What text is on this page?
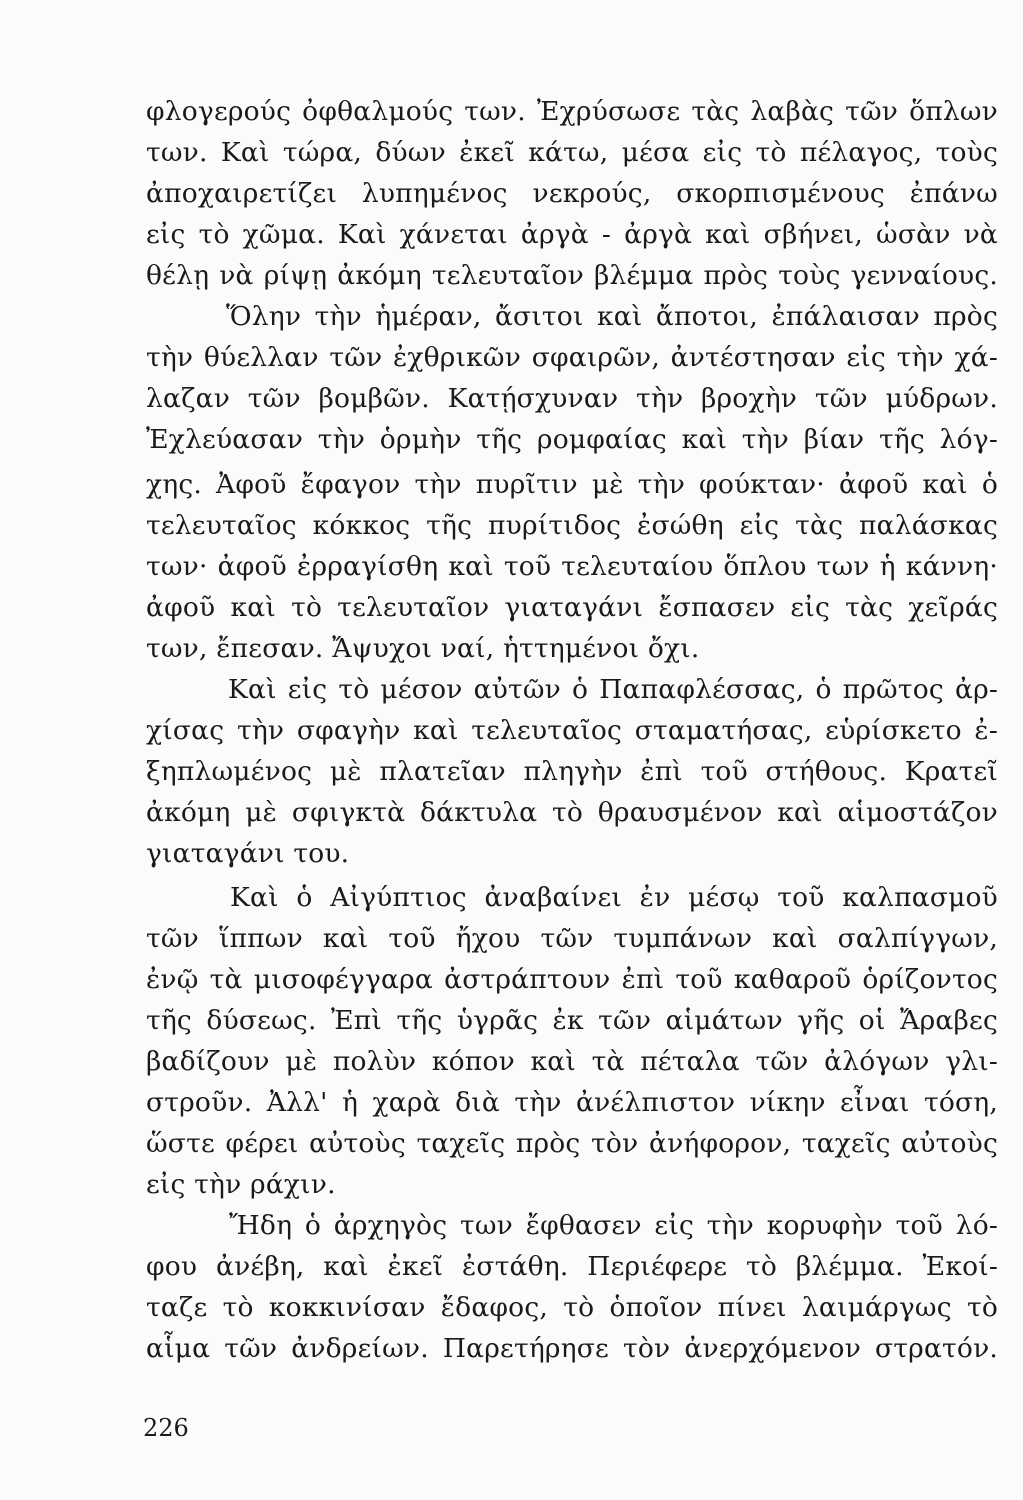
φλογερούς ὀφθαλμούς των. Ἐχρύσωσε τὰς λαβὰς τῶν ὅπλων
των. Καὶ τώρα, δύων ἐκεῖ κάτω, μέσα εἰς τὸ πέλαγος, τοὺς
ἀποχαιρετίζει λυπημένος νεκρούς, σκορπισμένους ἐπάνω
εἰς τὸ χῶμα. Καὶ χάνεται ἀργὰ - ἀργὰ καὶ σβήνει, ὡσὰν νὰ
θέλῃ νὰ ρίψῃ ἀκόμη τελευταῖον βλέμμα πρὸς τοὺς γενναίους.
Ὅλην τὴν ἡμέραν, ἄσιτοι καὶ ἄποτοι, ἐπάλαισαν πρὸς
τὴν θύελλαν τῶν ἐχθρικῶν σφαιρῶν, ἀντέστησαν εἰς τὴν χά-
λαζαν τῶν βομβῶν. Κατῄσχυναν τὴν βροχὴν τῶν μύδρων.
Ἐχλεύασαν τὴν ὁρμὴν τῆς ρομφαίας καὶ τὴν βίαν τῆς λόγ-
χης. Ἀφοῦ ἔφαγον τὴν πυρῖτιν μὲ τὴν φούκταν· ἀφοῦ καὶ ὁ
τελευταῖος κόκκος τῆς πυρίτιδος ἐσώθη εἰς τὰς παλάσκας
των· ἀφοῦ ἐρραγίσθη καὶ τοῦ τελευταίου ὅπλου των ἡ κάννη·
ἀφοῦ καὶ τὸ τελευταῖον γιαταγάνι ἔσπασεν εἰς τὰς χεῖράς
των, ἔπεσαν. Ἄψυχοι ναί, ἡττημένοι ὄχι.
Καὶ εἰς τὸ μέσον αὐτῶν ὁ Παπαφλέσσας, ὁ πρῶτος ἀρ-
χίσας τὴν σφαγὴν καὶ τελευταῖος σταματήσας, εὑρίσκετο ἐ-
ξηπλωμένος μὲ πλατεῖαν πληγὴν ἐπὶ τοῦ στήθους. Κρατεῖ
ἀκόμη μὲ σφιγκτὰ δάκτυλα τὸ θραυσμένον καὶ αἱμοστάζον
γιαταγάνι του.
Καὶ ὁ Αἰγύπτιος ἀναβαίνει ἐν μέσῳ τοῦ καλπασμοῦ
τῶν ἵππων καὶ τοῦ ἤχου τῶν τυμπάνων καὶ σαλπίγγων,
ἐνῷ τὰ μισοφέγγαρα ἀστράπτουν ἐπὶ τοῦ καθαροῦ ὁρίζοντος
τῆς δύσεως. Ἐπὶ τῆς ὑγρᾶς ἐκ τῶν αἱμάτων γῆς οἱ Ἄραβες
βαδίζουν μὲ πολὺν κόπον καὶ τὰ πέταλα τῶν ἀλόγων γλι-
στροῦν. Ἀλλ' ἡ χαρὰ διὰ τὴν ἀνέλπιστον νίκην εἶναι τόση,
ὥστε φέρει αὐτοὺς ταχεῖς πρὸς τὸν ἀνήφορον, ταχεῖς αὐτοὺς
εἰς τὴν ράχιν.
Ἤδη ὁ ἀρχηγὸς των ἔφθασεν εἰς τὴν κορυφὴν τοῦ λό-
φου ἀνέβη, καὶ ἐκεῖ ἐστάθη. Περιέφερε τὸ βλέμμα. Ἐκοί-
ταζε τὸ κοκκινίσαν ἔδαφος, τὸ ὁποῖον πίνει λαιμάργως τὸ
αἷμα τῶν ἀνδρείων. Παρετήρησε τὸν ἀνερχόμενον στρατόν.
226
